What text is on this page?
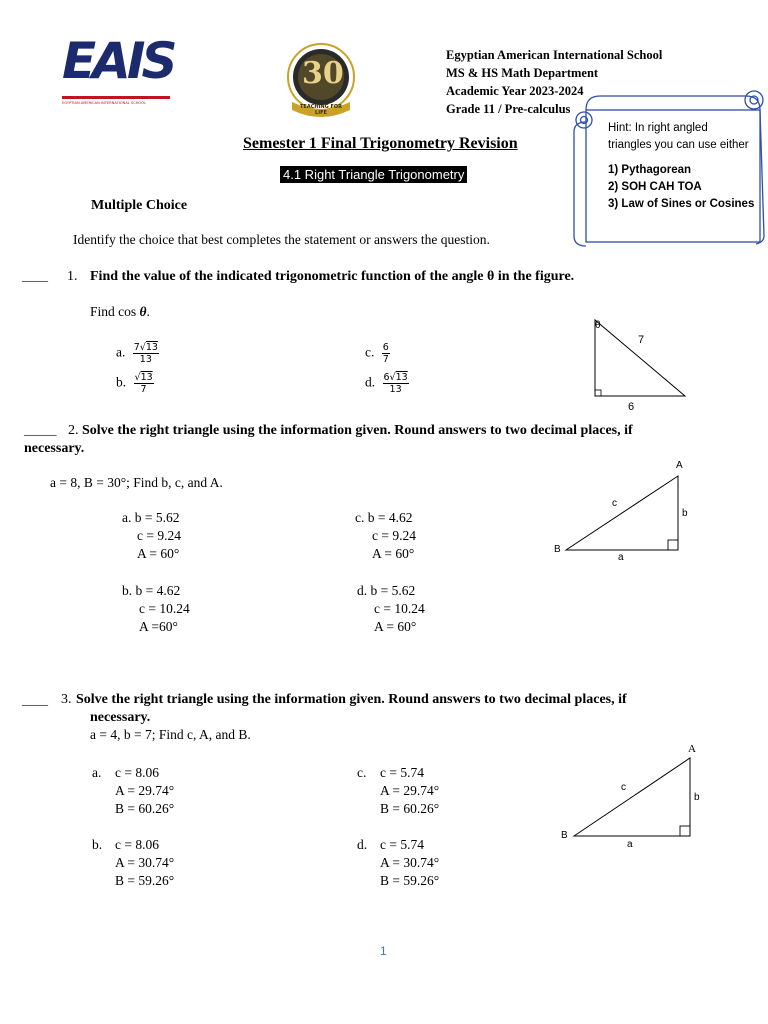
EAIS
EGYPTIAN AMERICAN INTERNATIONAL SCHOOL
30
TEACHING FOR LIFE
Egyptian American International School
MS & HS Math Department
Academic Year 2023-2024
Grade 11 / Pre-calculus
Hint: In right angled
triangles you can use either
1) Pythagorean
2) SOH CAH TOA
3) Law of Sines or Cosines
Semester 1 Final Trigonometry Revision
4.1 Right Triangle Trigonometry
Multiple Choice
Identify the choice that best completes the statement or answers the question.
____ 1. Find the value of the indicated trigonometric function of the angle θ in the figure.
Find cos θ.
a. $\frac{7√13}{13}$
b. $\frac{√13}{7}$
c. $\frac{6}{7}$
d. $\frac{6√13}{13}$
θ
7
6
_____ 2. Solve the right triangle using the information given. Round answers to two decimal places, if
necessary.
a = 8, B = 30°; Find b, c, and A.
a. b = 5.62
c = 9.24
A = 60°
b. b = 4.62
c = 10.24
A =60°
c. b = 4.62
c = 9.24
A = 60°
d. b = 5.62
c = 10.24
A = 60°
A
B
c
b
a
____ 3. Solve the right triangle using the information given. Round answers to two decimal places, if
necessary.
a = 4, b = 7; Find c, A, and B.
a. c = 8.06
A = 29.74°
B = 60.26°
b. c = 8.06
A = 30.74°
B = 59.26°
c. c = 5.74
A = 29.74°
B = 60.26°
d. c = 5.74
A = 30.74°
B = 59.26°
A
B
c
b
a
1
